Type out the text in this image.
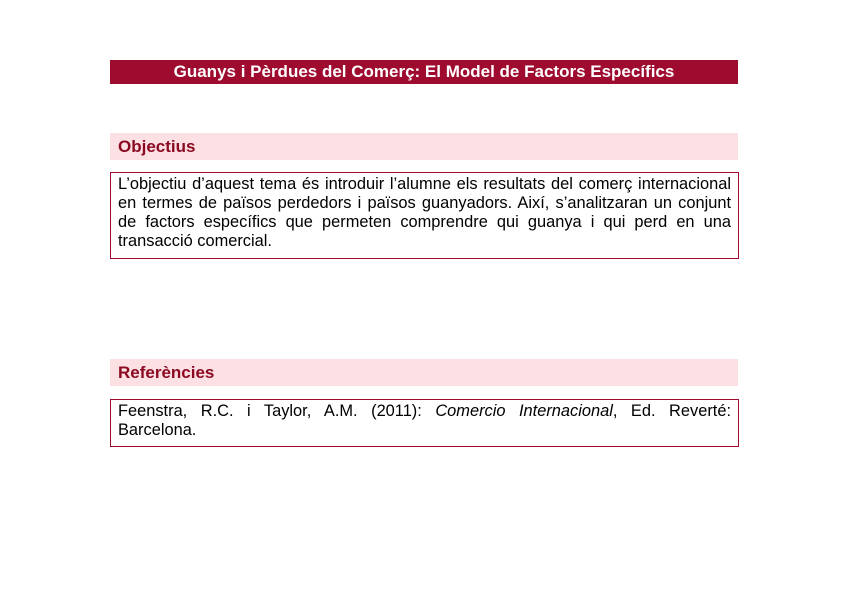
Guanys i Pèrdues del Comerç: El Model de Factors Específics
Objectius
L’objectiu d’aquest tema és introduir l’alumne els resultats del comerç internacional en termes de països perdedors i països guanyadors. Així, s’analitzaran un conjunt de factors específics que permeten comprendre qui guanya i qui perd en una transacció comercial.
Referències
Feenstra, R.C. i Taylor, A.M. (2011): Comercio Internacional, Ed. Reverté: Barcelona.
